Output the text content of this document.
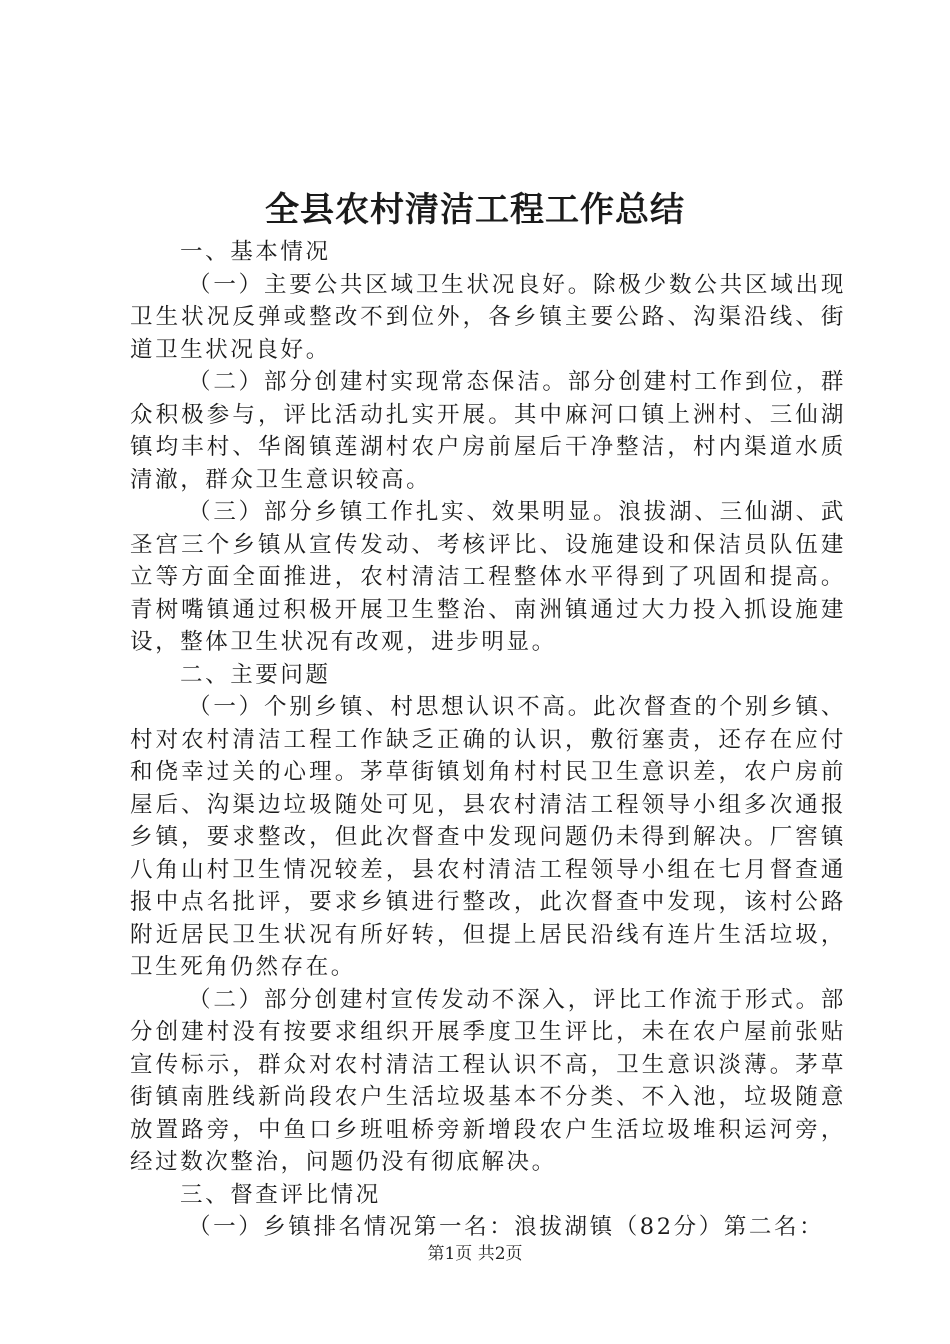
全县农村清洁工程工作总结

一、基本情况

（一）主要公共区域卫生状况良好。除极少数公共区域出现卫生状况反弹或整改不到位外，各乡镇主要公路、沟渠沿线、街道卫生状况良好。

（二）部分创建村实现常态保洁。部分创建村工作到位，群众积极参与，评比活动扎实开展。其中麻河口镇上洲村、三仙湖镇均丰村、华阁镇莲湖村农户房前屋后干净整洁，村内渠道水质清澈，群众卫生意识较高。

（三）部分乡镇工作扎实、效果明显。浪拔湖、三仙湖、武圣宫三个乡镇从宣传发动、考核评比、设施建设和保洁员队伍建立等方面全面推进，农村清洁工程整体水平得到了巩固和提高。青树嘴镇通过积极开展卫生整治、南洲镇通过大力投入抓设施建设，整体卫生状况有改观，进步明显。

二、主要问题

（一）个别乡镇、村思想认识不高。此次督查的个别乡镇、村对农村清洁工程工作缺乏正确的认识，敷衍塞责，还存在应付和侥幸过关的心理。茅草街镇划角村村民卫生意识差，农户房前屋后、沟渠边垃圾随处可见，县农村清洁工程领导小组多次通报乡镇，要求整改，但此次督查中发现问题仍未得到解决。厂窖镇八角山村卫生情况较差，县农村清洁工程领导小组在七月督查通报中点名批评，要求乡镇进行整改，此次督查中发现，该村公路附近居民卫生状况有所好转，但提上居民沿线有连片生活垃圾，卫生死角仍然存在。

（二）部分创建村宣传发动不深入，评比工作流于形式。部分创建村没有按要求组织开展季度卫生评比，未在农户屋前张贴宣传标示，群众对农村清洁工程认识不高，卫生意识淡薄。茅草街镇南胜线新尚段农户生活垃圾基本不分类、不入池，垃圾随意放置路旁，中鱼口乡班咀桥旁新增段农户生活垃圾堆积运河旁，经过数次整治，问题仍没有彻底解决。

三、督查评比情况

（一）乡镇排名情况第一名：浪拔湖镇（82分）第二名：

第1页 共2页
